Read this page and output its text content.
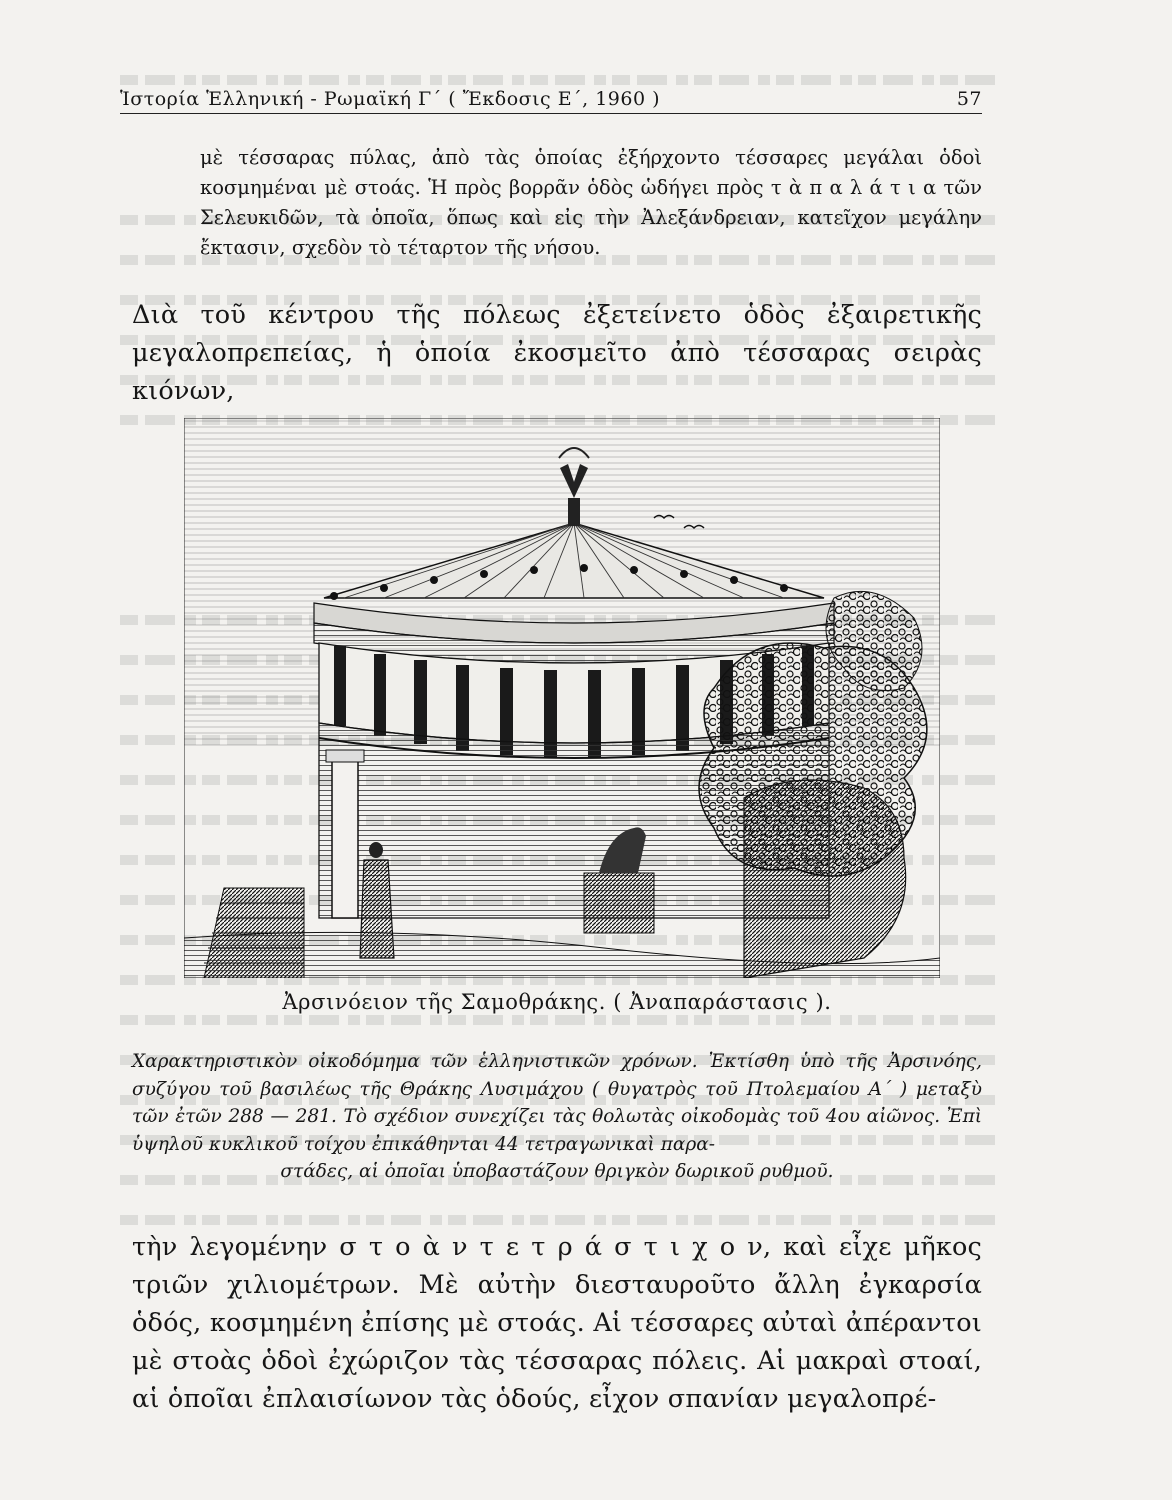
Ἱστορία Ἑλληνική - Ρωμαϊκή Γ΄ ( Ἔκδοσις Ε΄, 1960 )	57

μὲ τέσσαρας πύλας, ἀπὸ τὰς ὁποίας ἐξήρχοντο τέσσαρες μεγάλαι ὁδοὶ κοσμημέναι μὲ στοάς. Ἡ πρὸς βορρᾶν ὁδὸς ὡδήγει πρὸς τ ὰ π α λ ά τ ι α τῶν Σελευκιδῶν, τὰ ὁποῖα, ὅπως καὶ εἰς τὴν Ἀλεξάνδρειαν, κατεῖχον μεγάλην ἔκτασιν, σχεδὸν τὸ τέταρτον τῆς νήσου.

Διὰ τοῦ κέντρου τῆς πόλεως ἐξετείνετο ὁδὸς ἐξαιρετικῆς μεγαλοπρεπείας, ἡ ὁποία ἐκοσμεῖτο ἀπὸ τέσσαρας σειρὰς κιόνων,

Ἀρσινόειον τῆς Σαμοθράκης. ( Ἀναπαράστασις ).
Χαρακτηριστικὸν οἰκοδόμημα τῶν ἑλληνιστικῶν χρόνων. Ἐκτίσθη ὑπὸ τῆς Ἀρσινόης, συζύγου τοῦ βασιλέως τῆς Θράκης Λυσιμάχου ( θυγατρὸς τοῦ Πτολεμαίου Α΄ ) μεταξὺ τῶν ἐτῶν 288 — 281. Τὸ σχέδιον συνεχίζει τὰς θολωτὰς οἰκοδομὰς τοῦ 4ου αἰῶνος. Ἐπὶ ὑψηλοῦ κυκλικοῦ τοίχου ἐπικάθηνται 44 τετραγωνικαὶ παρα-
στάδες, αἱ ὁποῖαι ὑποβαστάζουν θριγκὸν δωρικοῦ ρυθμοῦ.

τὴν λεγομένην σ τ ο ὰ ν τ ε τ ρ ά σ τ ι χ ο ν, καὶ εἶχε μῆκος τριῶν χιλιομέτρων. Μὲ αὐτὴν διεσταυροῦτο ἄλλη ἐγκαρσία ὁδός, κοσμημένη ἐπίσης μὲ στοάς. Αἱ τέσσαρες αὐταὶ ἀπέραντοι μὲ στοὰς ὁδοὶ ἐχώριζον τὰς τέσσαρας πόλεις. Αἱ μακραὶ στοαί, αἱ ὁποῖαι ἐπλαισίωνον τὰς ὁδούς, εἶχον σπανίαν μεγαλοπρέ-
